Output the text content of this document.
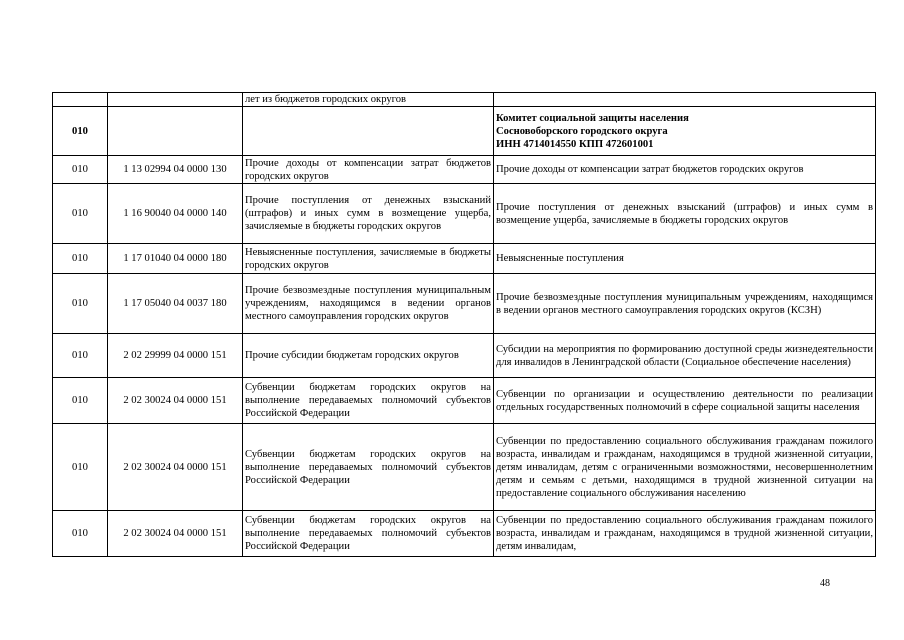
		лет из бюджетов городских округов	
010			Комитет социальной защиты населения
Сосновоборского городского округа
ИНН 4714014550 КПП 472601001

010	1 13 02994 04 0000 130	Прочие доходы от компенсации затрат бюджетов городских округов	Прочие доходы от компенсации затрат бюджетов городских округов
010	1 16 90040 04 0000 140	Прочие поступления от денежных взысканий (штрафов) и иных сумм в возмещение ущерба, зачисляемые в бюджеты городских округов	Прочие поступления от денежных взысканий (штрафов) и иных сумм в возмещение ущерба, зачисляемые в бюджеты городских округов
010	1 17 01040 04 0000 180	Невыясненные поступления, зачисляемые в бюджеты городских округов	Невыясненные поступления
010	1 17 05040 04 0037 180	Прочие безвозмездные поступления муниципальным учреждениям, находящимся в ведении органов местного самоуправления городских округов	Прочие безвозмездные поступления муниципальным учреждениям, находящимся в ведении органов местного самоуправления городских округов (КСЗН)
010	2 02 29999 04 0000 151	Прочие субсидии бюджетам городских округов	Субсидии на мероприятия по формированию доступной среды жизнедеятельности для инвалидов в Ленинградской области (Социальное обеспечение населения)
010	2 02 30024 04 0000 151	Субвенции бюджетам городских округов на выполнение передаваемых полномочий субъектов Российской Федерации	Субвенции по организации и осуществлению деятельности по реализации отдельных государственных полномочий в сфере социальной защиты населения
010	2 02 30024 04 0000 151	Субвенции бюджетам городских округов на выполнение передаваемых полномочий субъектов Российской Федерации	Субвенции по предоставлению социального обслуживания гражданам пожилого возраста, инвалидам и гражданам, находящимся в трудной жизненной ситуации, детям инвалидам, детям с ограниченными возможностями, несовершеннолетним детям и семьям с детьми, находящимся в трудной жизненной ситуации на предоставление социального обслуживания населению
010	2 02 30024 04 0000 151	Субвенции бюджетам городских округов на выполнение передаваемых полномочий субъектов Российской Федерации	Субвенции по предоставлению социального обслуживания гражданам пожилого возраста, инвалидам и гражданам, находящимся в трудной жизненной ситуации, детям инвалидам,
48
